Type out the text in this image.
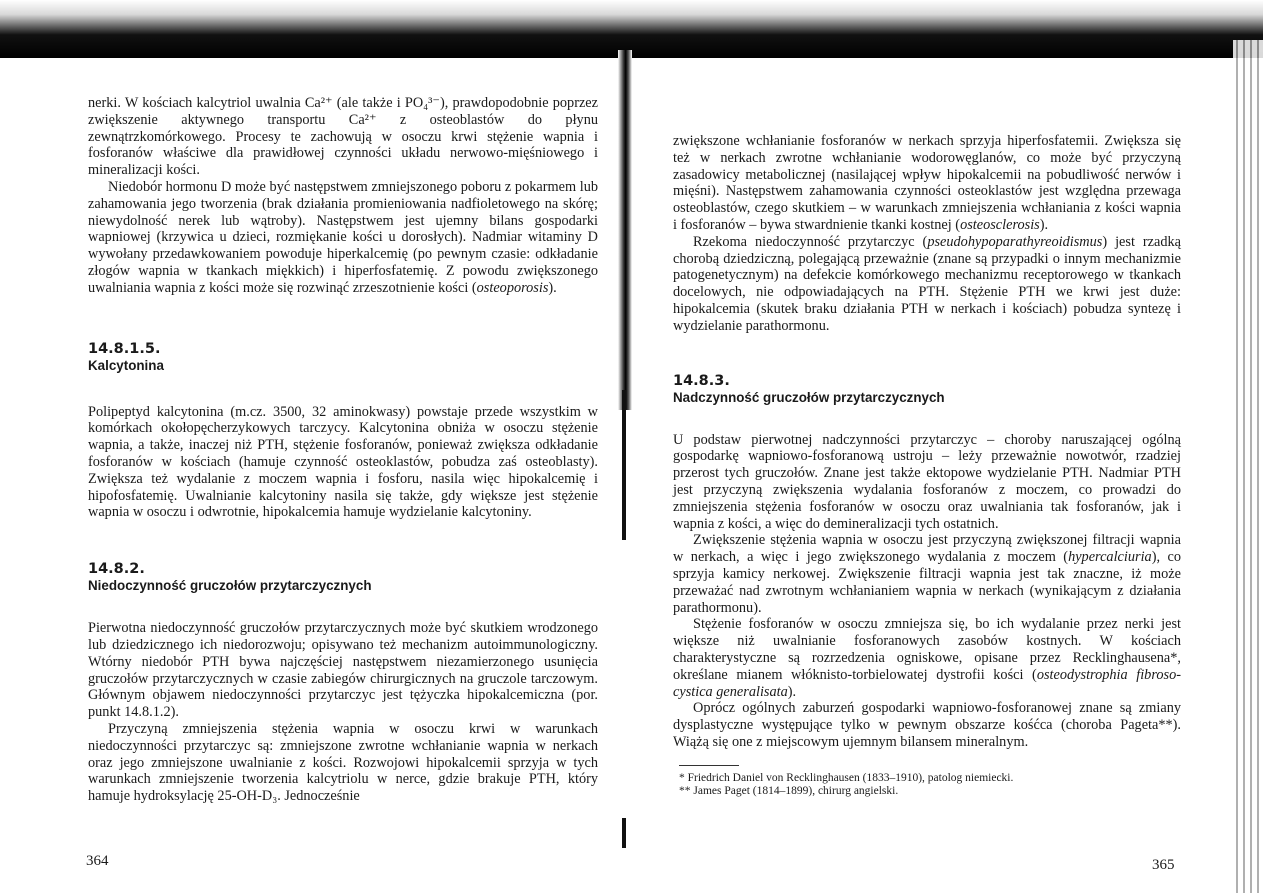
nerki. W kościach kalcytriol uwalnia Ca²⁺ (ale także i PO₄³⁻), prawdopodobnie poprzez zwiększenie aktywnego transportu Ca²⁺ z osteoblastów do płynu zewnątrzkomórkowego. Procesy te zachowują w osoczu krwi stężenie wapnia i fosforanów właściwe dla prawidłowej czynności układu nerwowo-mięśniowego i mineralizacji kości.

Niedobór hormonu D może być następstwem zmniejszonego poboru z pokarmem lub zahamowania jego tworzenia (brak działania promieniowania nadfioletowego na skórę; niewydolność nerek lub wątroby). Następstwem jest ujemny bilans gospodarki wapniowej (krzywica u dzieci, rozmiękanie kości u dorosłych). Nadmiar witaminy D wywołany przedawkowaniem powoduje hiperkalcemię (po pewnym czasie: odkładanie złogów wapnia w tkankach miękkich) i hiperfosfatemię. Z powodu zwiększonego uwalniania wapnia z kości może się rozwinąć zrzeszotnienie kości (osteoporosis).

14.8.1.5.
Kalcytonina

Polipeptyd kalcytonina (m.cz. 3500, 32 aminokwasy) powstaje przede wszystkim w komórkach okołopęcherzykowych tarczycy. Kalcytonina obniża w osoczu stężenie wapnia, a także, inaczej niż PTH, stężenie fosforanów, ponieważ zwiększa odkładanie fosforanów w kościach (hamuje czynność osteoklastów, pobudza zaś osteoblasty). Zwiększa też wydalanie z moczem wapnia i fosforu, nasila więc hipokalcemię i hipofosfatemię. Uwalnianie kalcytoniny nasila się także, gdy większe jest stężenie wapnia w osoczu i odwrotnie, hipokalcemia hamuje wydzielanie kalcytoniny.

14.8.2.
Niedoczynność gruczołów przytarczycznych

Pierwotna niedoczynność gruczołów przytarczycznych może być skutkiem wrodzonego lub dziedzicznego ich niedorozwoju; opisywano też mechanizm autoimmunologiczny. Wtórny niedobór PTH bywa najczęściej następstwem niezamierzonego usunięcia gruczołów przytarczycznych w czasie zabiegów chirurgicznych na gruczole tarczowym. Głównym objawem niedoczynności przytarczyc jest tężyczka hipokalcemiczna (por. punkt 14.8.1.2).

Przyczyną zmniejszenia stężenia wapnia w osoczu krwi w warunkach niedoczynności przytarczyc są: zmniejszone zwrotne wchłanianie wapnia w nerkach oraz jego zmniejszone uwalnianie z kości. Rozwojowi hipokalcemii sprzyja w tych warunkach zmniejszenie tworzenia kalcytriolu w nerce, gdzie brakuje PTH, który hamuje hydroksylację 25-OH-D₃. Jednocześnie

364

zwiększone wchłanianie fosforanów w nerkach sprzyja hiperfosfatemii. Zwiększa się też w nerkach zwrotne wchłanianie wodorowęglanów, co może być przyczyną zasadowicy metabolicznej (nasilającej wpływ hipokalcemii na pobudliwość nerwów i mięśni). Następstwem zahamowania czynności osteoklastów jest względna przewaga osteoblastów, czego skutkiem – w warunkach zmniejszenia wchłaniania z kości wapnia i fosforanów – bywa stwardnienie tkanki kostnej (osteosclerosis).

Rzekoma niedoczynność przytarczyc (pseudohypoparathyreoidismus) jest rzadką chorobą dziedziczną, polegającą przeważnie (znane są przypadki o innym mechanizmie patogenetycznym) na defekcie komórkowego mechanizmu receptorowego w tkankach docelowych, nie odpowiadających na PTH. Stężenie PTH we krwi jest duże: hipokalcemia (skutek braku działania PTH w nerkach i kościach) pobudza syntezę i wydzielanie parathormonu.

14.8.3.
Nadczynność gruczołów przytarczycznych

U podstaw pierwotnej nadczynności przytarczyc – choroby naruszającej ogólną gospodarkę wapniowo-fosforanową ustroju – leży przeważnie nowotwór, rzadziej przerost tych gruczołów. Znane jest także ektopowe wydzielanie PTH. Nadmiar PTH jest przyczyną zwiększenia wydalania fosforanów z moczem, co prowadzi do zmniejszenia stężenia fosforanów w osoczu oraz uwalniania tak fosforanów, jak i wapnia z kości, a więc do demineralizacji tych ostatnich.

Zwiększenie stężenia wapnia w osoczu jest przyczyną zwiększonej filtracji wapnia w nerkach, a więc i jego zwiększonego wydalania z moczem (hypercalciuria), co sprzyja kamicy nerkowej. Zwiększenie filtracji wapnia jest tak znaczne, iż może przeważać nad zwrotnym wchłanianiem wapnia w nerkach (wynikającym z działania parathormonu).

Stężenie fosforanów w osoczu zmniejsza się, bo ich wydalanie przez nerki jest większe niż uwalnianie fosforanowych zasobów kostnych. W kościach charakterystyczne są rozrzedzenia ogniskowe, opisane przez Recklinghausena*, określane mianem włóknisto-torbielowatej dystrofii kości (osteodystrophia fibroso-cystica generalisata).

Oprócz ogólnych zaburzeń gospodarki wapniowo-fosforanowej znane są zmiany dysplastyczne występujące tylko w pewnym obszarze kośćca (choroba Pageta**). Wiążą się one z miejscowym ujemnym bilansem mineralnym.

* Friedrich Daniel von Recklinghausen (1833–1910), patolog niemiecki.
** James Paget (1814–1899), chirurg angielski.
365
